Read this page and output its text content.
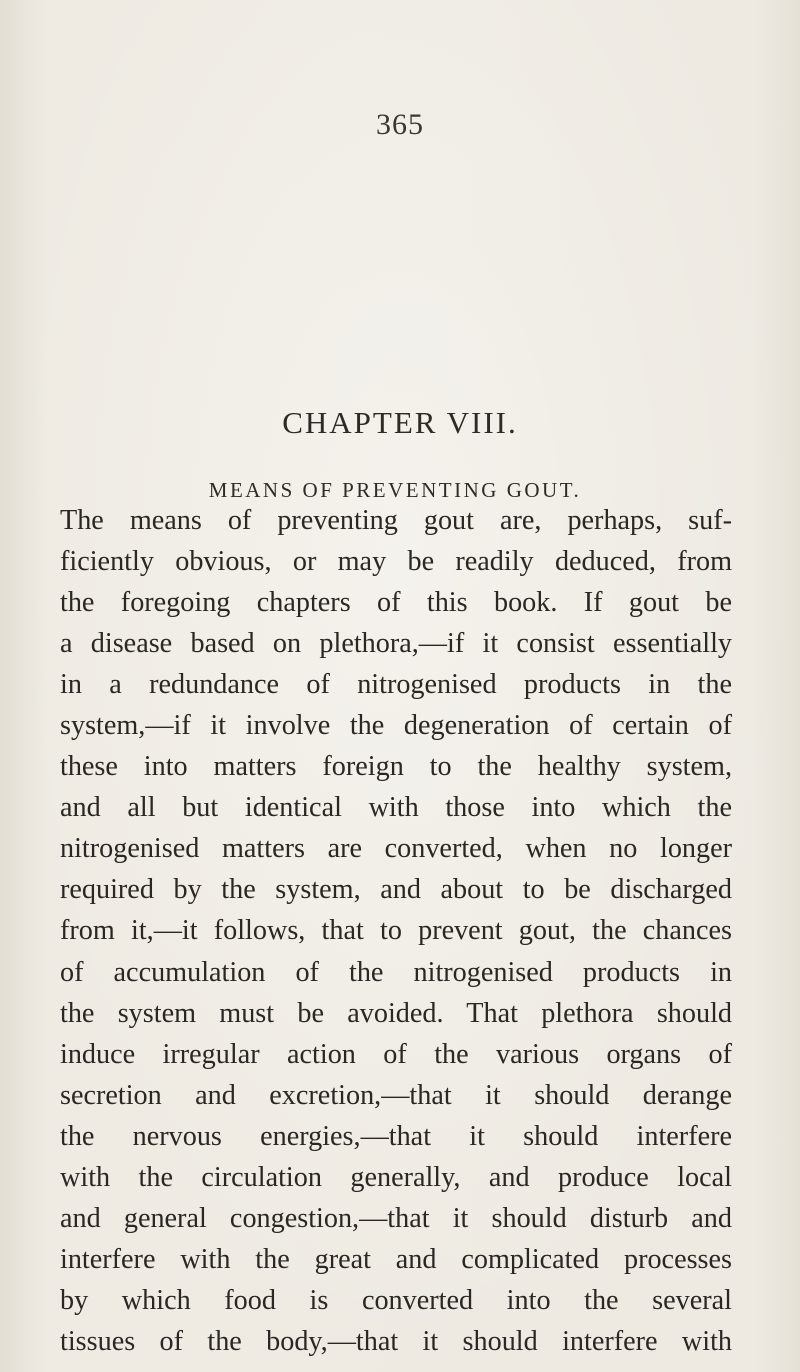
365
CHAPTER VIII.
MEANS OF PREVENTING GOUT.
The means of preventing gout are, perhaps, suf-
ficiently obvious, or may be readily deduced, from
the foregoing chapters of this book. If gout be
a disease based on plethora,—if it consist essentially
in a redundance of nitrogenised products in the
system,—if it involve the degeneration of certain of
these into matters foreign to the healthy system,
and all but identical with those into which the
nitrogenised matters are converted, when no longer
required by the system, and about to be discharged
from it,—it follows, that to prevent gout, the chances
of accumulation of the nitrogenised products in
the system must be avoided. That plethora should
induce irregular action of the various organs of
secretion and excretion,—that it should derange
the nervous energies,—that it should interfere
with the circulation generally, and produce local
and general congestion,—that it should disturb and
interfere with the great and complicated processes
by which food is converted into the several
tissues of the body,—that it should interfere with
